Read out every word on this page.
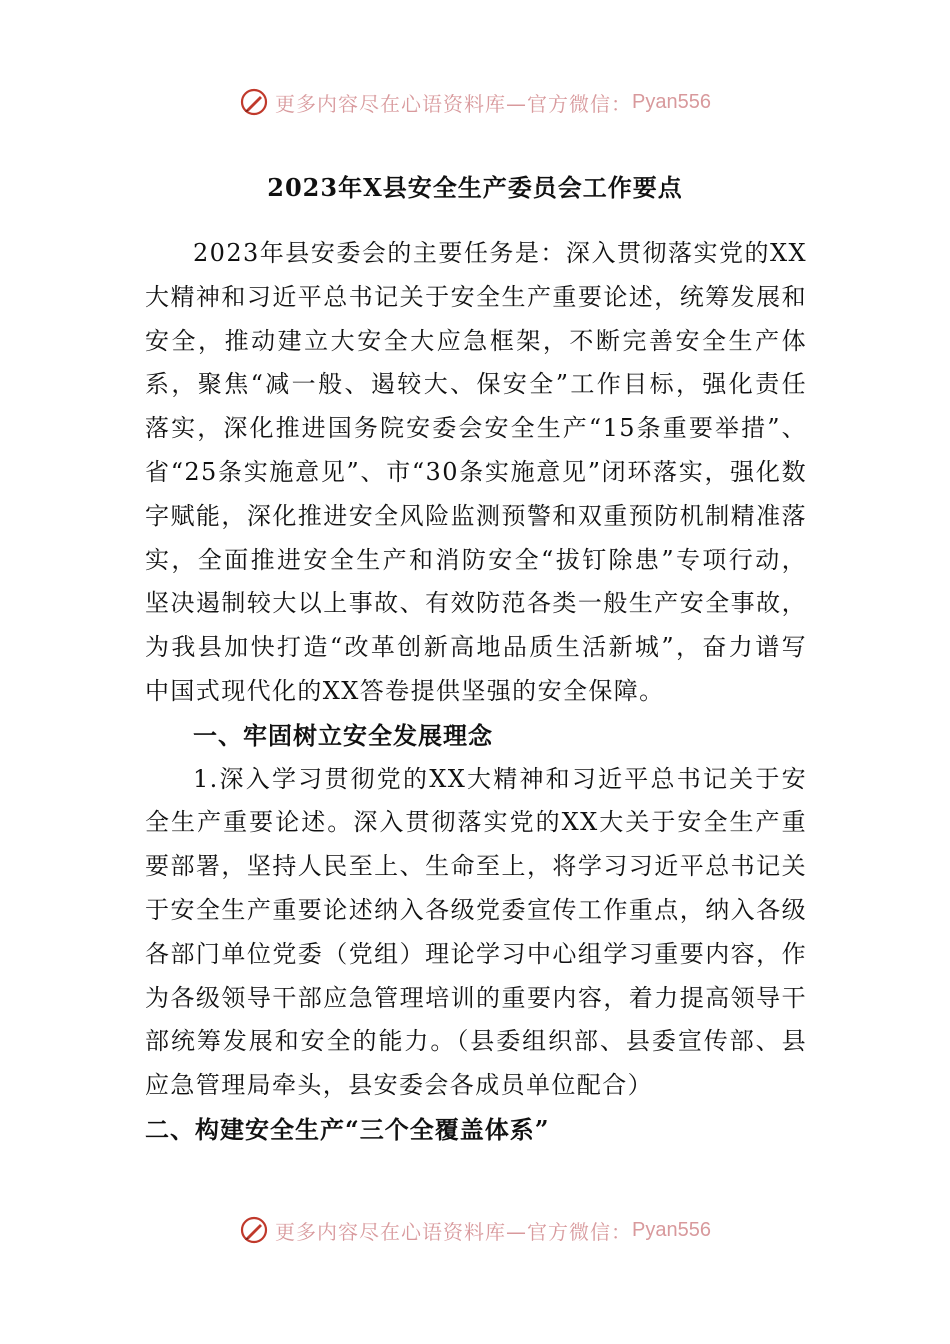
更多内容尽在心语资料库—官方微信： Pyan556
2023年X县安全生产委员会工作要点

2023年县安委会的主要任务是：深入贯彻落实党的XX大精神和习近平总书记关于安全生产重要论述，统筹发展和安全，推动建立大安全大应急框架，不断完善安全生产体系，聚焦“减一般、遏较大、保安全”工作目标，强化责任落实，深化推进国务院安委会安全生产“15条重要举措”、省“25条实施意见”、市“30条实施意见”闭环落实，强化数字赋能，深化推进安全风险监测预警和双重预防机制精准落实，全面推进安全生产和消防安全“拔钉除患”专项行动，坚决遏制较大以上事故、有效防范各类一般生产安全事故，为我县加快打造“改革创新高地品质生活新城”，奋力谱写中国式现代化的XX答卷提供坚强的安全保障。

一、牢固树立安全发展理念

1.深入学习贯彻党的XX大精神和习近平总书记关于安全生产重要论述。深入贯彻落实党的XX大关于安全生产重要部署，坚持人民至上、生命至上，将学习习近平总书记关于安全生产重要论述纳入各级党委宣传工作重点，纳入各级各部门单位党委（党组）理论学习中心组学习重要内容，作为各级领导干部应急管理培训的重要内容，着力提高领导干部统筹发展和安全的能力。（县委组织部、县委宣传部、县应急管理局牵头，县安委会各成员单位配合）

二、构建安全生产“三个全覆盖体系”

更多内容尽在心语资料库—官方微信： Pyan556
